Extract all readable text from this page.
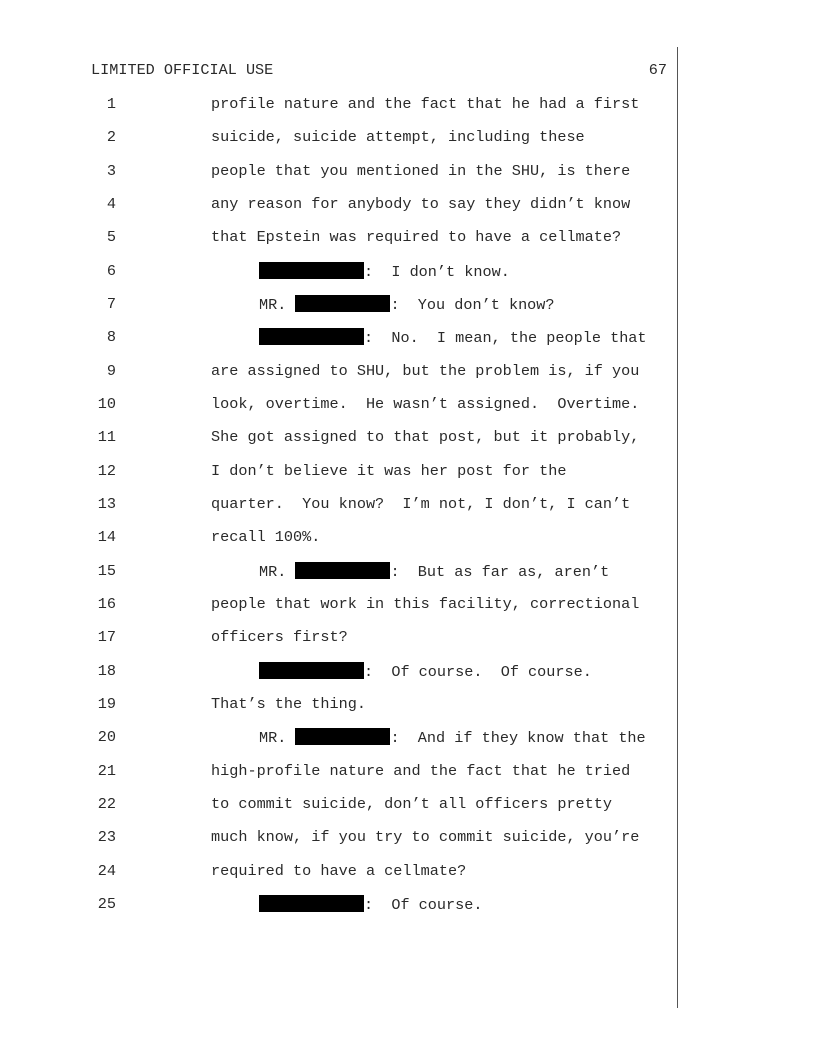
LIMITED OFFICIAL USE	67
1	profile nature and the fact that he had a first
2	suicide, suicide attempt, including these
3	people that you mentioned in the SHU, is there
4	any reason for anybody to say they didn’t know
5	that Epstein was required to have a cellmate?
6	:  I don’t know.
7	MR.	:  You don’t know?
8	:  No.  I mean, the people that
9	are assigned to SHU, but the problem is, if you
10	look, overtime.  He wasn’t assigned.  Overtime.
11	She got assigned to that post, but it probably,
12	I don’t believe it was her post for the
13	quarter.  You know?  I’m not, I don’t, I can’t
14	recall 100%.
15	MR.	:  But as far as, aren’t
16	people that work in this facility, correctional
17	officers first?
18	:  Of course.  Of course.
19	That’s the thing.
20	MR.	:  And if they know that the
21	high-profile nature and the fact that he tried
22	to commit suicide, don’t all officers pretty
23	much know, if you try to commit suicide, you’re
24	required to have a cellmate?
25	:  Of course.
